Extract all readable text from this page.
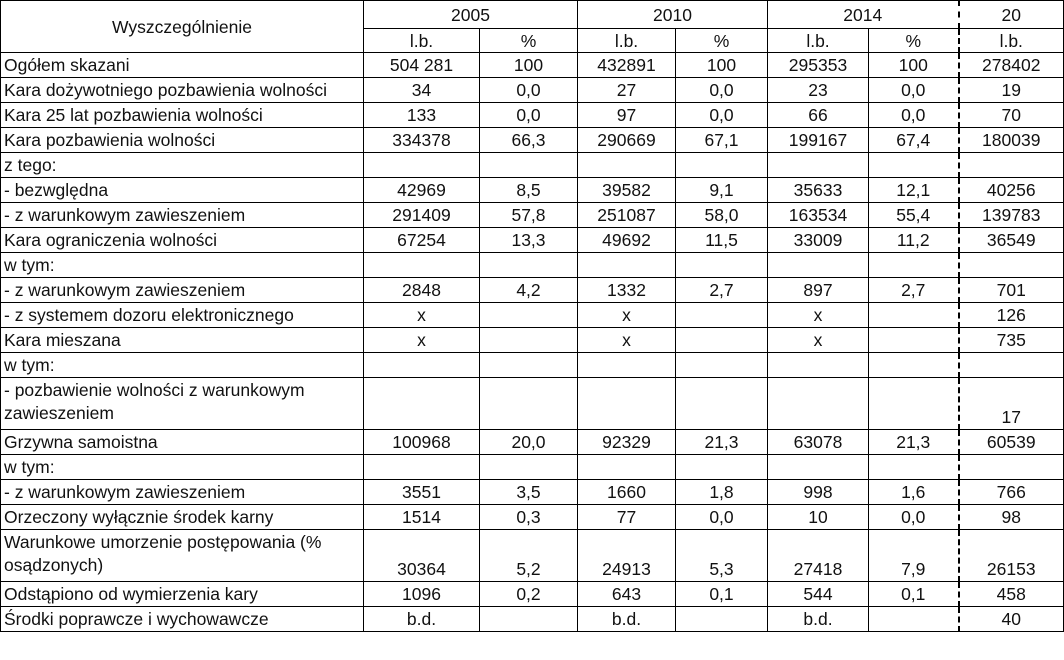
Wyszczególnienie	2005		2010		2014		20
	l.b.	%	l.b.	%	l.b.	%	l.b.
Ogółem skazani	504 281	100	432891	100	295353	100	278402
Kara dożywotniego pozbawienia wolności	34	0,0	27	0,0	23	0,0	19
Kara 25 lat pozbawienia wolności	133	0,0	97	0,0	66	0,0	70
Kara pozbawienia wolności	334378	66,3	290669	67,1	199167	67,4	180039
z tego:							
- bezwględna	42969	8,5	39582	9,1	35633	12,1	40256
- z warunkowym zawieszeniem	291409	57,8	251087	58,0	163534	55,4	139783
Kara ograniczenia wolności	67254	13,3	49692	11,5	33009	11,2	36549
w tym:							
- z warunkowym zawieszeniem	2848	4,2	1332	2,7	897	2,7	701
- z systemem dozoru elektronicznego	x		x		x		126
Kara mieszana	x		x		x		735
w tym:							
- pozbawienie wolności z warunkowym zawieszeniem							17
Grzywna samoistna	100968	20,0	92329	21,3	63078	21,3	60539
w tym:							
- z warunkowym zawieszeniem	3551	3,5	1660	1,8	998	1,6	766
Orzeczony wyłącznie środek karny	1514	0,3	77	0,0	10	0,0	98
Warunkowe umorzenie postępowania (% osądzonych)	30364	5,2	24913	5,3	27418	7,9	26153
Odstąpiono od wymierzenia kary	1096	0,2	643	0,1	544	0,1	458
Środki poprawcze i wychowawcze	b.d.		b.d.		b.d.		40
